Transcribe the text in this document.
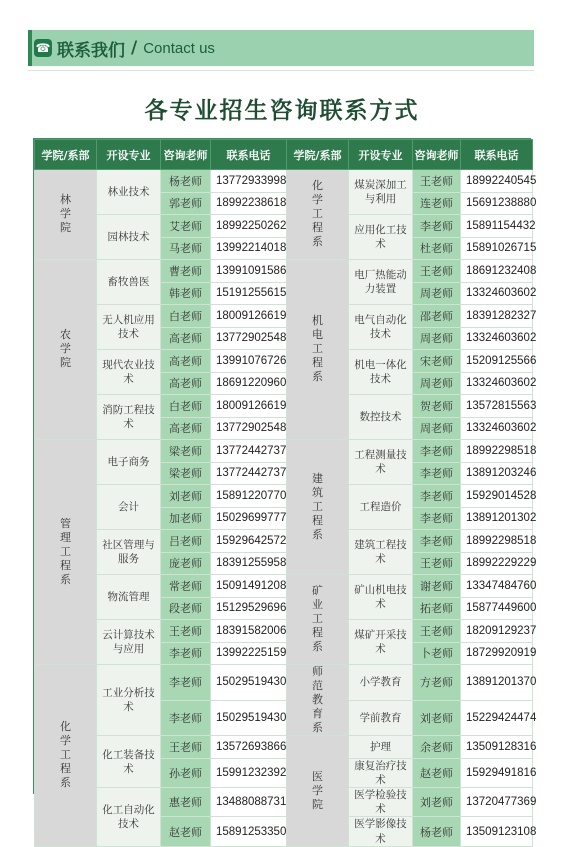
☎ 联系我们 / Contact us
各专业招生咨询联系方式
学院/系部	开设专业	咨询老师	联系电话	学院/系部	开设专业	咨询老师	联系电话
林学院	林业技术	杨老师	13772933998	化学工程系	煤炭深加工与利用	王老师	18992240545
		郭老师	18992238618			连老师	15691238880
	园林技术	艾老师	18992250262		应用化工技术	李老师	15891154432
		马老师	13992214018			杜老师	15891026715
农学院	畜牧兽医	曹老师	13991091586	机电工程系	电厂热能动力装置	王老师	18691232408
		韩老师	15191255615			周老师	13324603602
	无人机应用技术	白老师	18009126619		电气自动化技术	邵老师	18391282327
		高老师	13772902548			周老师	13324603602
	现代农业技术	高老师	13991076726		机电一体化技术	宋老师	15209125566
		高老师	18691220960			周老师	13324603602
	消防工程技术	白老师	18009126619		数控技术	贺老师	13572815563
		高老师	13772902548			周老师	13324603602
管理工程系	电子商务	梁老师	13772442737	建筑工程系	工程测量技术	李老师	18992298518
		梁老师	13772442737			李老师	13891203246
	会计	刘老师	15891220770		工程造价	李老师	15929014528
		加老师	15029699777			李老师	13891201302
	社区管理与服务	吕老师	15929642572		建筑工程技术	李老师	18992298518
		庞老师	18391255958			王老师	18992229229
	物流管理	常老师	15091491208	矿业工程系	矿山机电技术	谢老师	13347484760
		段老师	15129529696			拓老师	15877449600
	云计算技术与应用	王老师	18391582006		煤矿开采技术	王老师	18209129237
		李老师	13992225159			卜老师	18729920919
化学工程系	工业分析技术	李老师	15029519430	师范教育系	小学教育	方老师	13891201370
		李老师	15029519430		学前教育	刘老师	15229424474
	化工装备技术	王老师	13572693866	医学院	护理	余老师	13509128316
		孙老师	15991232392		康复治疗技术	赵老师	15929491816
	化工自动化技术	惠老师	13488088731		医学检验技术	刘老师	13720477369
		赵老师	15891253350		医学影像技术	杨老师	13509123108
